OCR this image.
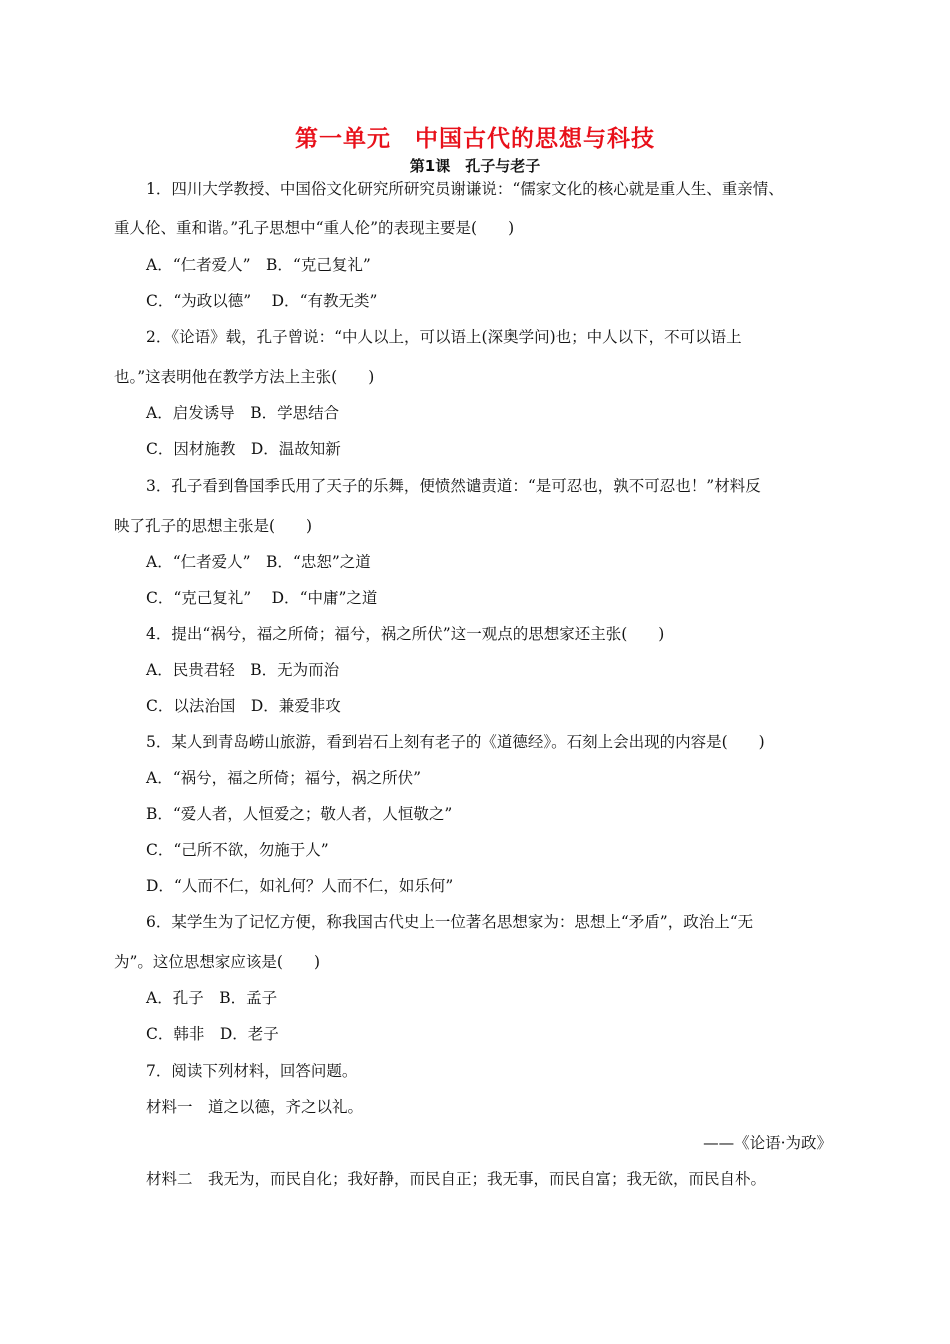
第一单元　中国古代的思想与科技
第1课　孔子与老子
1．四川大学教授、中国俗文化研究所研究员谢谦说：“儒家文化的核心就是重人生、重亲情、
重人伦、重和谐。”孔子思想中“重人伦”的表现主要是(　　)
A．“仁者爱人”　B．“克己复礼”
C．“为政以德”　 D．“有教无类”
2．《论语》载，孔子曾说：“中人以上，可以语上(深奥学问)也；中人以下，不可以语上
也。”这表明他在教学方法上主张(　　)
A．启发诱导　B．学思结合
C．因材施教　D．温故知新
3．孔子看到鲁国季氏用了天子的乐舞，便愤然谴责道：“是可忍也，孰不可忍也！”材料反
映了孔子的思想主张是(　　)
A．“仁者爱人”　B．“忠恕”之道
C．“克己复礼”　 D．“中庸”之道
4．提出“祸兮，福之所倚；福兮，祸之所伏”这一观点的思想家还主张(　　)
A．民贵君轻　B．无为而治
C．以法治国　D．兼爱非攻
5．某人到青岛崂山旅游，看到岩石上刻有老子的《道德经》。石刻上会出现的内容是(　　)
A．“祸兮，福之所倚；福兮，祸之所伏”
B．“爱人者，人恒爱之；敬人者，人恒敬之”
C．“己所不欲，勿施于人”
D．“人而不仁，如礼何？人而不仁，如乐何”
6．某学生为了记忆方便，称我国古代史上一位著名思想家为：思想上“矛盾”，政治上“无
为”。这位思想家应该是(　　)
A．孔子　B．孟子
C．韩非　D．老子
7．阅读下列材料，回答问题。
材料一　道之以德，齐之以礼。
——《论语·为政》
材料二　我无为，而民自化；我好静，而民自正；我无事，而民自富；我无欲，而民自朴。
